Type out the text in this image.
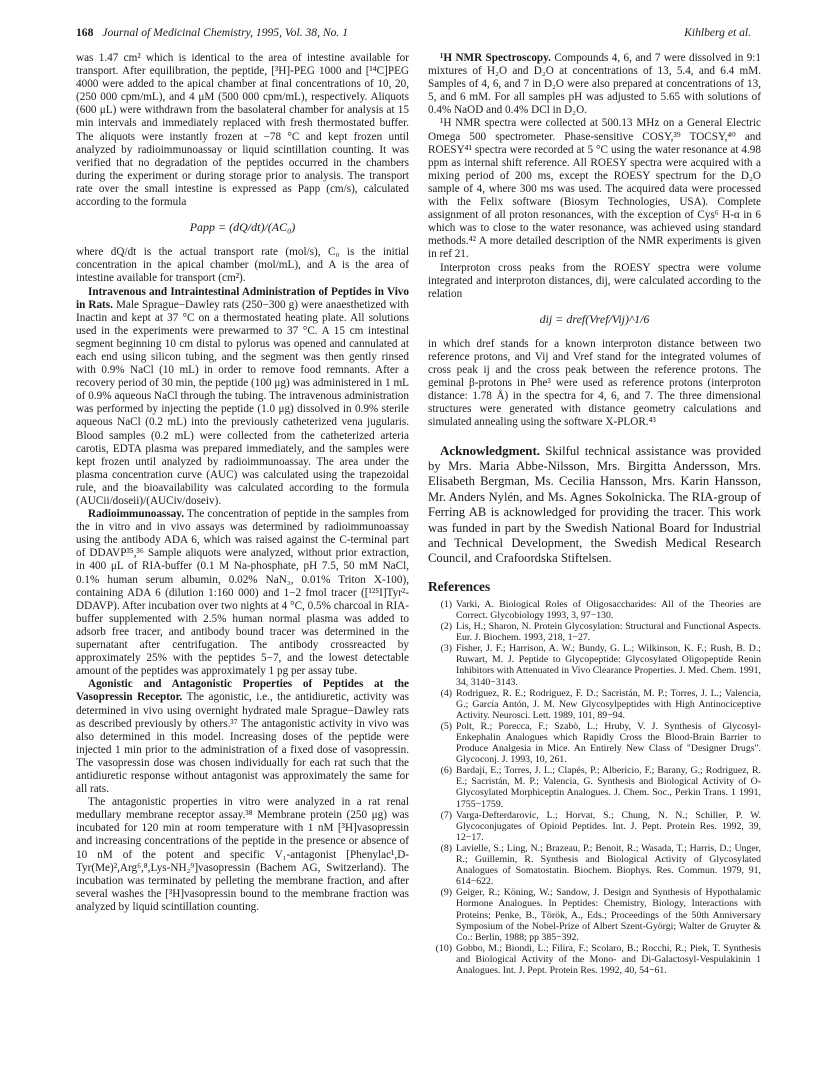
168 Journal of Medicinal Chemistry, 1995, Vol. 38, No. 1	Kihlberg et al.

was 1.47 cm² which is identical to the area of intestine available for transport. After equilibration, the peptide, [³H]-PEG 1000 and [¹⁴C]PEG 4000 were added to the apical chamber at final concentrations of 10, 20, (250 000 cpm/mL), and 4 μM (500 000 cpm/mL), respectively. Aliquots (600 μL) were withdrawn from the basolateral chamber for analysis at 15 min intervals and immediately replaced with fresh thermostated buffer. The aliquots were instantly frozen at −78 °C and kept frozen until analyzed by radioimmunoassay or liquid scintillation counting. It was verified that no degradation of the peptides occurred in the chambers during the experiment or during storage prior to analysis. The transport rate over the small intestine is expressed as Papp (cm/s), calculated according to the formula

Papp = (dQ/dt)/(AC₀)

where dQ/dt is the actual transport rate (mol/s), C₀ is the initial concentration in the apical chamber (mol/mL), and A is the area of intestine available for transport (cm²).

Intravenous and Intraintestinal Administration of Peptides in Vivo in Rats. Male Sprague−Dawley rats (250−300 g) were anaesthetized with Inactin and kept at 37 °C on a thermostated heating plate. All solutions used in the experiments were prewarmed to 37 °C. A 15 cm intestinal segment beginning 10 cm distal to pylorus was opened and cannulated at each end using silicon tubing, and the segment was then gently rinsed with 0.9% NaCl (10 mL) in order to remove food remnants. After a recovery period of 30 min, the peptide (100 μg) was administered in 1 mL of 0.9% aqueous NaCl through the tubing. The intravenous administration was performed by injecting the peptide (1.0 μg) dissolved in 0.9% sterile aqueous NaCl (0.2 mL) into the previously catheterized vena jugularis. Blood samples (0.2 mL) were collected from the catheterized arteria carotis, EDTA plasma was prepared immediately, and the samples were kept frozen until analyzed by radioimmunoassay. The area under the plasma concentration curve (AUC) was calculated using the trapezoidal rule, and the bioavailability was calculated according to the formula (AUCii/doseii)/(AUCiv/doseiv).

Radioimmunoassay. The concentration of peptide in the samples from the in vitro and in vivo assays was determined by radioimmunoassay using the antibody ADA 6, which was raised against the C-terminal part of DDAVP³⁵,³⁶ Sample aliquots were analyzed, without prior extraction, in 400 μL of RIA-buffer (0.1 M Na-phosphate, pH 7.5, 50 mM NaCl, 0.1% human serum albumin, 0.02% NaN₃, 0.01% Triton X-100), containing ADA 6 (dilution 1:160 000) and 1−2 fmol tracer ([¹²⁵I]Tyr²-DDAVP). After incubation over two nights at 4 °C, 0.5% charcoal in RIA-buffer supplemented with 2.5% human normal plasma was added to adsorb free tracer, and antibody bound tracer was determined in the supernatant after centrifugation. The antibody crossreacted by approximately 25% with the peptides 5−7, and the lowest detectable amount of the peptides was approximately 1 pg per assay tube.

Agonistic and Antagonistic Properties of Peptides at the Vasopressin Receptor. The agonistic, i.e., the antidiuretic, activity was determined in vivo using overnight hydrated male Sprague−Dawley rats as described previously by others.³⁷ The antagonistic activity in vivo was also determined in this model. Increasing doses of the peptide were injected 1 min prior to the administration of a fixed dose of vasopressin. The vasopressin dose was chosen individually for each rat such that the antidiuretic response without antagonist was approximately the same for all rats.

The antagonistic properties in vitro were analyzed in a rat renal medullary membrane receptor assay.³⁸ Membrane protein (250 μg) was incubated for 120 min at room temperature with 1 nM [³H]vasopressin and increasing concentrations of the peptide in the presence or absence of 10 nM of the potent and specific V₁-antagonist [Phenylac¹,D-Tyr(Me)²,Arg⁶,⁸,Lys-NH₂⁹]vasopressin (Bachem AG, Switzerland). The incubation was terminated by pelleting the membrane fraction, and after several washes the [³H]vasopressin bound to the membrane fraction was analyzed by liquid scintillation counting.

¹H NMR Spectroscopy. Compounds 4, 6, and 7 were dissolved in 9:1 mixtures of H₂O and D₂O at concentrations of 13, 5.4, and 6.4 mM. Samples of 4, 6, and 7 in D₂O were also prepared at concentrations of 13, 5, and 6 mM. For all samples pH was adjusted to 5.65 with solutions of 0.4% NaOD and 0.4% DCl in D₂O.

¹H NMR spectra were collected at 500.13 MHz on a General Electric Omega 500 spectrometer. Phase-sensitive COSY,³⁹ TOCSY,⁴⁰ and ROESY⁴¹ spectra were recorded at 5 °C using the water resonance at 4.98 ppm as internal shift reference. All ROESY spectra were acquired with a mixing period of 200 ms, except the ROESY spectrum for the D₂O sample of 4, where 300 ms was used. The acquired data were processed with the Felix software (Biosym Technologies, USA). Complete assignment of all proton resonances, with the exception of Cys⁶ H-α in 6 which was to close to the water resonance, was achieved using standard methods.⁴² A more detailed description of the NMR experiments is given in ref 21.

Interproton cross peaks from the ROESY spectra were volume integrated and interproton distances, dij, were calculated according to the relation

dij = dref(Vref/Vij)^1/6

in which dref stands for a known interproton distance between two reference protons, and Vij and Vref stand for the integrated volumes of cross peak ij and the cross peak between the reference protons. The geminal β-protons in Phe³ were used as reference protons (interproton distance: 1.78 Å) in the spectra for 4, 6, and 7. The three dimensional structures were generated with distance geometry calculations and simulated annealing using the software X-PLOR.⁴³

Acknowledgment. Skilful technical assistance was provided by Mrs. Maria Abbe-Nilsson, Mrs. Birgitta Andersson, Mrs. Elisabeth Bergman, Ms. Cecilia Hansson, Mrs. Karin Hansson, Mr. Anders Nylén, and Ms. Agnes Sokolnicka. The RIA-group of Ferring AB is acknowledged for providing the tracer. This work was funded in part by the Swedish National Board for Industrial and Technical Development, the Swedish Medical Research Council, and Crafoordska Stiftelsen.

References

(1) Varki, A. Biological Roles of Oligosaccharides: All of the Theories are Correct. Glycobiology 1993, 3, 97−130.

(2) Lis, H.; Sharon, N. Protein Glycosylation: Structural and Functional Aspects. Eur. J. Biochem. 1993, 218, 1−27.

(3) Fisher, J. F.; Harrison, A. W.; Bundy, G. L.; Wilkinson, K. F.; Rush, B. D.; Ruwart, M. J. Peptide to Glycopeptide: Glycosylated Oligopeptide Renin Inhibitors with Attenuated in Vivo Clearance Properties. J. Med. Chem. 1991, 34, 3140−3143.

(4) Rodriguez, R. E.; Rodriguez, F. D.; Sacristán, M. P.; Torres, J. L.; Valencia, G.; García Antón, J. M. New Glycosylpeptides with High Antinociceptive Activity. Neurosci. Lett. 1989, 101, 89−94.

(5) Polt, R.; Porecca, F.; Szabò, L.; Hruby, V. J. Synthesis of Glycosyl-Enkephalin Analogues which Rapidly Cross the Blood-Brain Barrier to Produce Analgesia in Mice. An Entirely New Class of "Designer Drugs". Glycoconj. J. 1993, 10, 261.

(6) Bardají, E.; Torres, J. L.; Clapés, P.; Albericio, F.; Barany, G.; Rodriguez, R. E.; Sacristán, M. P.; Valencia, G. Synthesis and Biological Activity of O-Glycosylated Morphiceptin Analogues. J. Chem. Soc., Perkin Trans. 1 1991, 1755−1759.

(7) Varga-Defterdarovic, L.; Horvat, S.; Chung, N. N.; Schiller, P. W. Glycoconjugates of Opioid Peptides. Int. J. Pept. Protein Res. 1992, 39, 12−17.

(8) Lavielle, S.; Ling, N.; Brazeau, P.; Benoit, R.; Wasada, T.; Harris, D.; Unger, R.; Guillemin, R. Synthesis and Biological Activity of Glycosylated Analogues of Somatostatin. Biochem. Biophys. Res. Commun. 1979, 91, 614−622.

(9) Geiger, R.; Köning, W.; Sandow, J. Design and Synthesis of Hypothalamic Hormone Analogues. In Peptides: Chemistry, Biology, Interactions with Proteins; Penke, B., Török, A., Eds.; Proceedings of the 50th Anniversary Symposium of the Nobel-Prize of Albert Szent-Györgi; Walter de Gruyter & Co.: Berlin, 1988; pp 385−392.

(10) Gobbo, M.; Biondi, L.; Filira, F.; Scolaro, B.; Rocchi, R.; Piek, T. Synthesis and Biological Activity of the Mono- and Di-Galactosyl-Vespulakinin 1 Analogues. Int. J. Pept. Protein Res. 1992, 40, 54−61.
